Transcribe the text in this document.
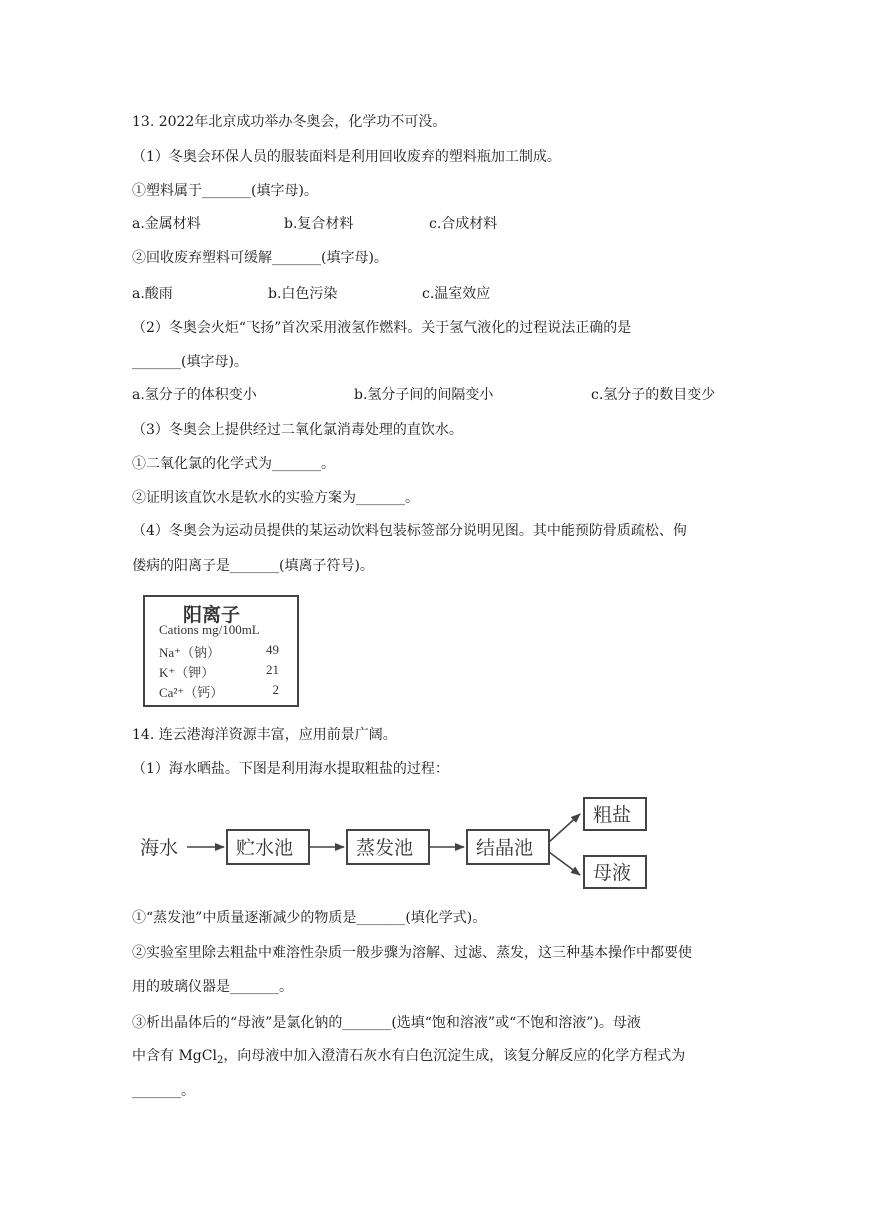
13. 2022年北京成功举办冬奥会，化学功不可没。
（1）冬奥会环保人员的服装面料是利用回收废弃的塑料瓶加工制成。
①塑料属于_______(填字母)。
a.金属材料	b.复合材料	c.合成材料
②回收废弃塑料可缓解_______(填字母)。
a.酸雨	b.白色污染	c.温室效应
（2）冬奥会火炬“飞扬”首次采用液氢作燃料。关于氢气液化的过程说法正确的是
_______(填字母)。
a.氢分子的体积变小	b.氢分子间的间隔变小	c.氢分子的数目变少
（3）冬奥会上提供经过二氧化氯消毒处理的直饮水。
①二氧化氯的化学式为_______。
②证明该直饮水是软水的实验方案为_______。
（4）冬奥会为运动员提供的某运动饮料包装标签部分说明见图。其中能预防骨质疏松、佝
偻病的阳离子是_______(填离子符号)。
阳离子
Cations mg/100mL
Na⁺（钠）	49
K⁺（钾）	21
Ca²⁺（钙）	2
14. 连云港海洋资源丰富，应用前景广阔。
（1）海水晒盐。下图是利用海水提取粗盐的过程：
海水	贮水池	蒸发池	结晶池
粗盐
母液
①“蒸发池”中质量逐渐减少的物质是_______(填化学式)。
②实验室里除去粗盐中难溶性杂质一般步骤为溶解、过滤、蒸发，这三种基本操作中都要使
用的玻璃仪器是_______。
③析出晶体后的“母液”是氯化钠的_______(选填“饱和溶液”或“不饱和溶液”)。母液
中含有 MgCl$_2$，向母液中加入澄清石灰水有白色沉淀生成，该复分解反应的化学方程式为
_______。
